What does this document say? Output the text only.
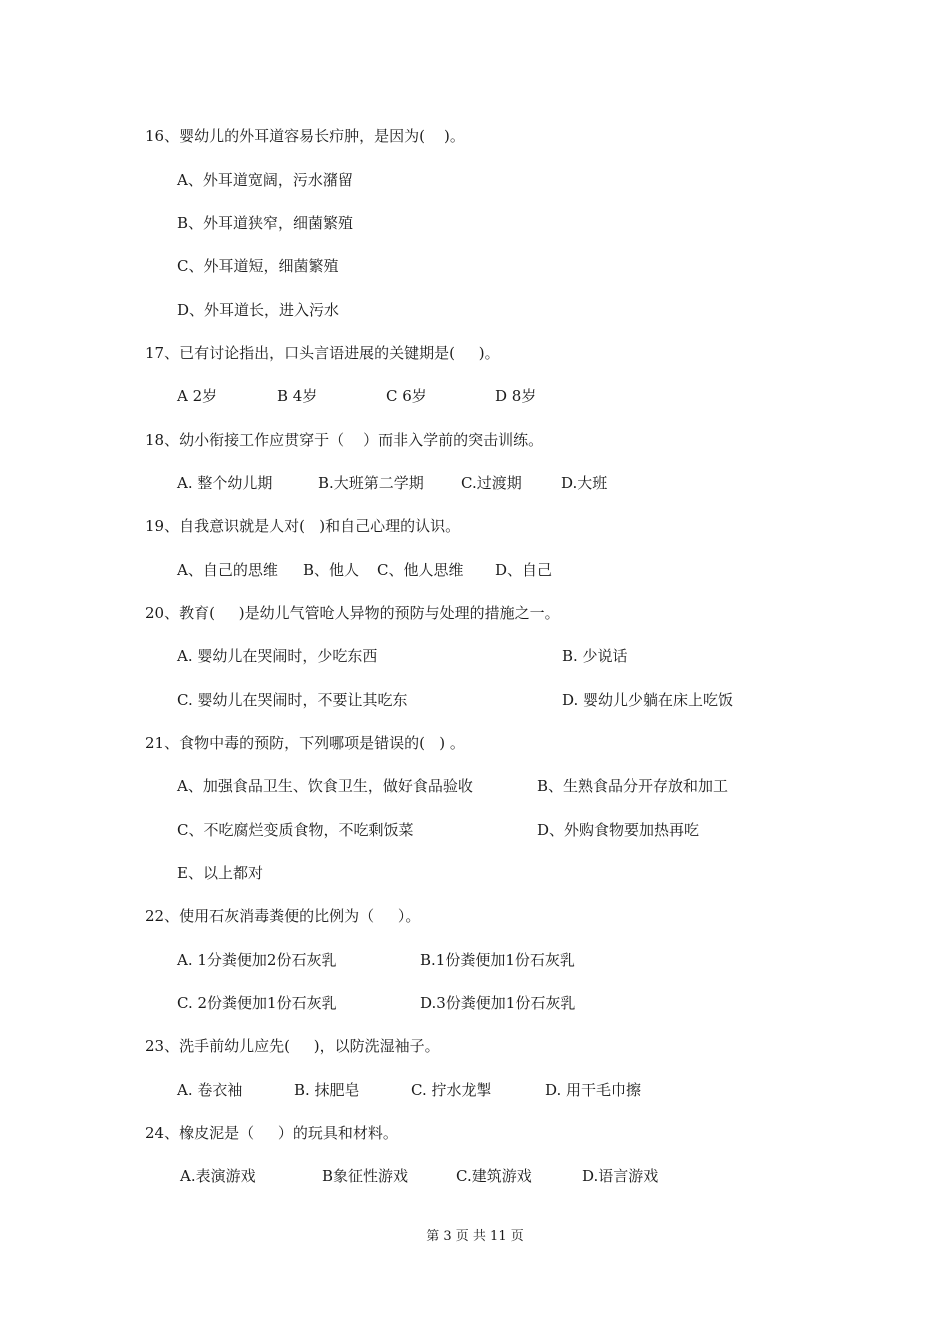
16、婴幼儿的外耳道容易长疖肿，是因为(    )。
A、外耳道宽阔，污水潴留
B、外耳道狭窄，细菌繁殖
C、外耳道短，细菌繁殖
D、外耳道长，进入污水
17、已有讨论指出，口头言语进展的关键期是(     )。
A 2岁	B 4岁	C 6岁	D 8岁
18、幼小衔接工作应贯穿于（    ）而非入学前的突击训练。
A. 整个幼儿期	B.大班第二学期 C.过渡期	D.大班
19、自我意识就是人对(   )和自己心理的认识。
A、自己的思维 B、他人 C、他人思维 D、自己
20、教育(     )是幼儿气管呛人异物的预防与处理的措施之一。
A. 婴幼儿在哭闹时，少吃东西	B. 少说话
C. 婴幼儿在哭闹时，不要让其吃东	D. 婴幼儿少躺在床上吃饭
21、食物中毒的预防，下列哪项是错误的(   ) 。
A、加强食品卫生、饮食卫生，做好食品验收	B、生熟食品分开存放和加工
C、不吃腐烂变质食物，不吃剩饭菜	D、外购食物要加热再吃
E、以上都对
22、使用石灰消毒粪便的比例为（     ）。
A. 1分粪便加2份石灰乳	B.1份粪便加1份石灰乳
C. 2份粪便加1份石灰乳	D.3份粪便加1份石灰乳
23、洗手前幼儿应先(     )，以防洗湿袖子。
A. 卷衣袖	B. 抹肥皂	C. 拧水龙掣	D. 用干毛巾擦
24、橡皮泥是（     ）的玩具和材料。
A.表演游戏	B象征性游戏	C.建筑游戏	D.语言游戏
第 3 页 共 11 页
